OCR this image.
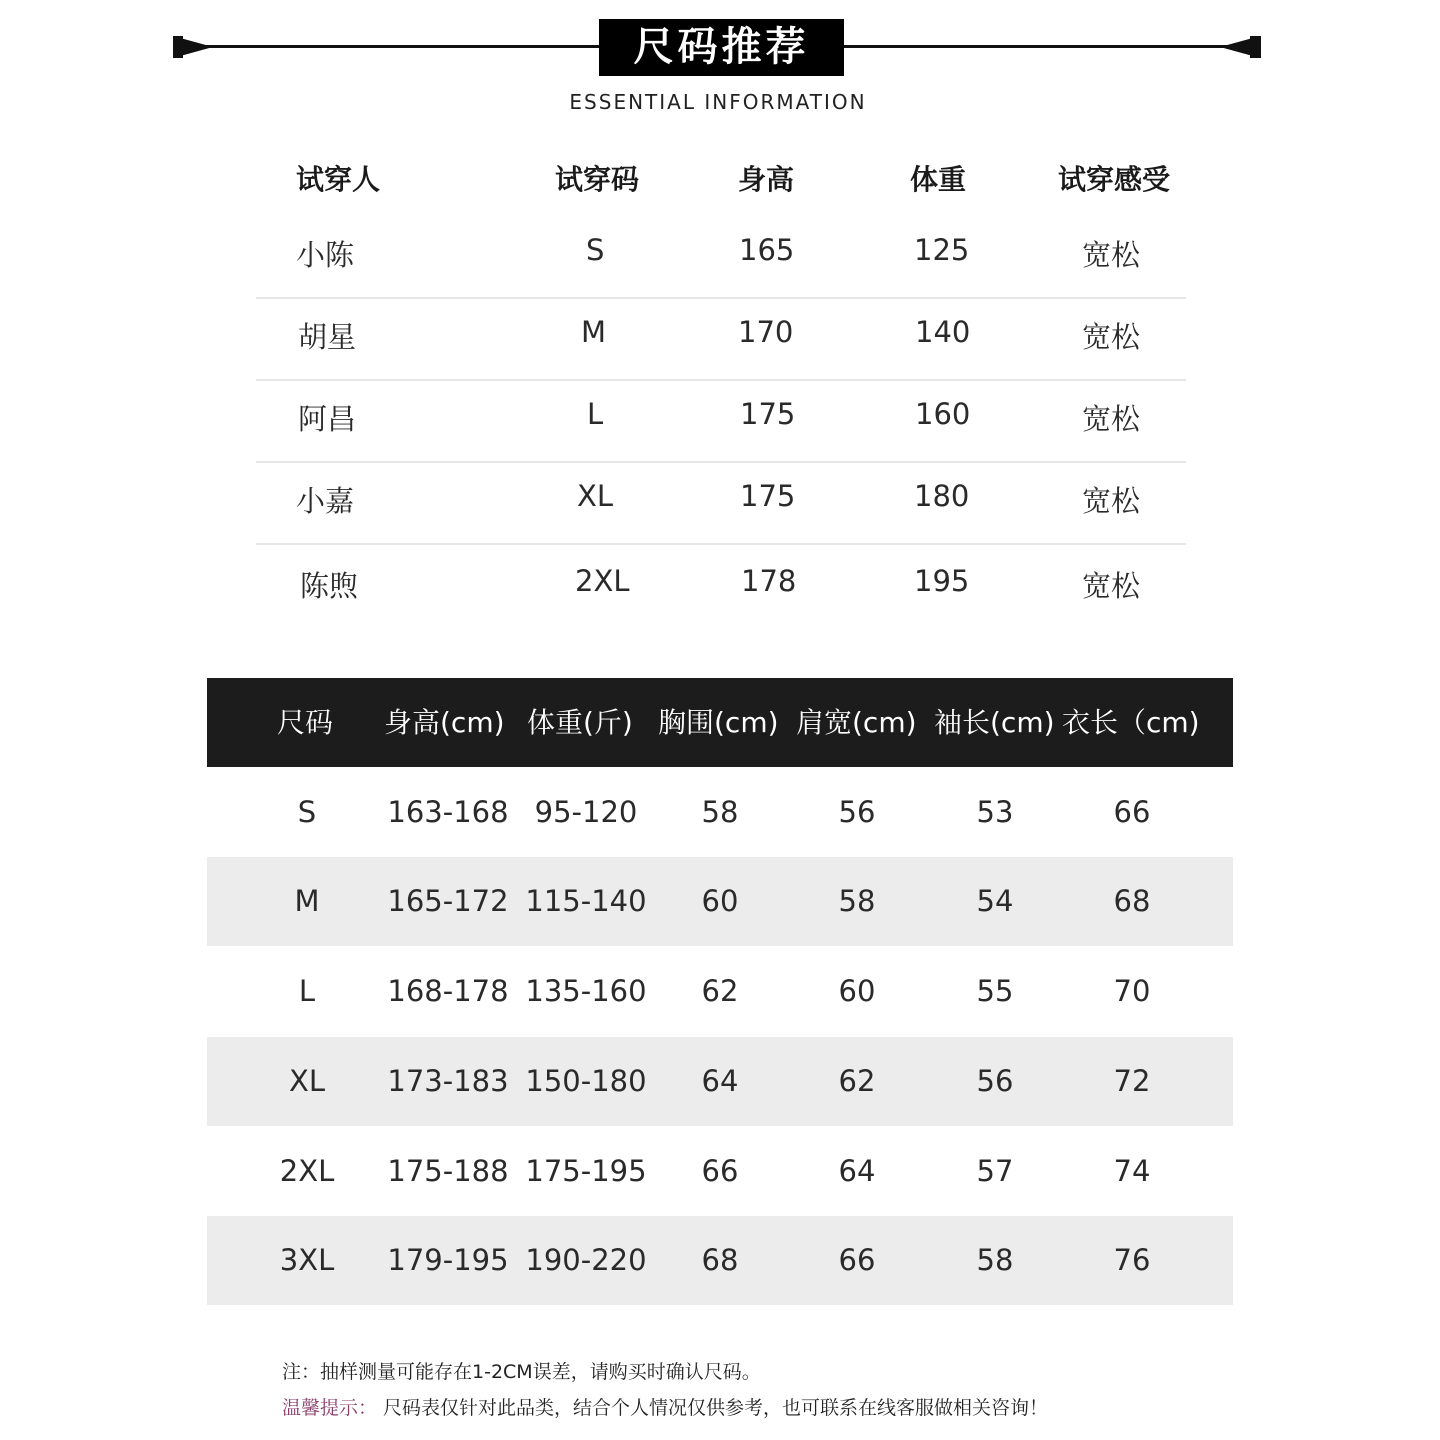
尺码推荐
ESSENTIAL INFORMATION
试穿人	试穿码	身高	体重	试穿感受
小陈	S	165	125	宽松
胡星	M	170	140	宽松
阿昌	L	175	160	宽松
小嘉	XL	175	180	宽松
陈煦	2XL	178	195	宽松
尺码 身高(cm) 体重(斤) 胸围(cm) 肩宽(cm) 袖长(cm) 衣长（cm)
S	163-168 95-120	58	56	53	66
M	165-172 115-140	60	58	54	68
L	168-178 135-160	62	60	55	70
XL	173-183 150-180	64	62	56	72
2XL	175-188 175-195	66	64	57	74
3XL	179-195 190-220	68	66	58	76
注：抽样测量可能存在1-2CM误差，请购买时确认尺码。
温馨提示： 尺码表仅针对此品类，结合个人情况仅供参考，也可联系在线客服做相关咨询！
